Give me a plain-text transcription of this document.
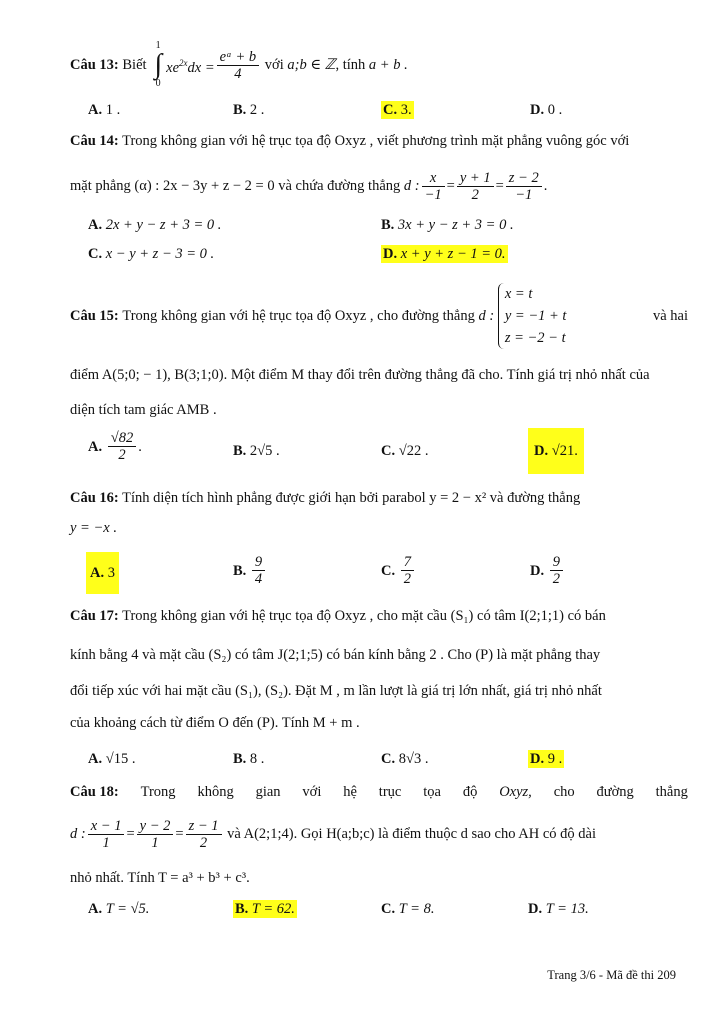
Câu 13:
Biết

1
∫
0
$xe^{2x}dx = \frac{\text{eᵃ + b}}{4}$
với
a;b ∈ ℤ , tính
a + b .
A. 1 .	B. 2 .	C. 3.	D. 0 .
Câu 14: Trong không gian với hệ trục tọa độ Oxyz , viết phương trình mặt phẳng vuông góc với
mặt phẳng (α) : 2x − 3y + z − 2 = 0 và chứa đường thẳng
d : $\frac{x}{-1} = \frac{y + 1}{2} = \frac{z - 2}{-1}$ .
A. 2x + y − z + 3 = 0 .	B. 3x + y − z + 3 = 0 .
C. x − y + z − 3 = 0 .	D. x + y + z − 1 = 0.
Câu 15:
Trong không gian với hệ trục tọa độ Oxyz , cho đường thẳng
d :

x = t
y = −1 + t
z = −2 − t
và hai
điểm A(5;0; − 1), B(3;1;0). Một điểm M thay đổi trên đường thẳng đã cho. Tính giá trị nhỏ nhất của
diện tích tam giác AMB .
A.
$\frac{√82}{2}$ .	B. 2√5 .	C. √22 .	D. √21.
Câu 16: Tính diện tích hình phẳng được giới hạn bởi parabol y = 2 − x² và đường thẳng
y = −x .
A. 3	B.
$\frac{9}{4}$	C.
$\frac{7}{2}$	D.
$\frac{9}{2}$
Câu 17: Trong không gian với hệ trục tọa độ Oxyz , cho mặt cầu (S₁) có tâm I(2;1;1) có bán
kính bằng 4 và mặt cầu (S₂) có tâm J(2;1;5) có bán kính bằng 2 . Cho (P) là mặt phẳng thay
đổi tiếp xúc với hai mặt cầu (S₁), (S₂). Đặt M , m lần lượt là giá trị lớn nhất, giá trị nhỏ nhất
của khoảng cách từ điểm O đến (P). Tính M + m .
A. √15 .	B. 8 .	C. 8√3 .	D. 9 .
Câu 18: Trong không gian với hệ trục tọa độ Oxyz, cho đường thẳng
d : $\frac{x - 1}{1} = \frac{y - 2}{1} = \frac{z - 1}{2}$
và A(2;1;4). Gọi H(a;b;c) là điểm thuộc d sao cho AH có độ dài
nhỏ nhất. Tính T = a³ + b³ + c³.
A. T = √5.	B. T = 62.	C. T = 8.	D. T = 13.
Trang 3/6 - Mã đề thi 209
